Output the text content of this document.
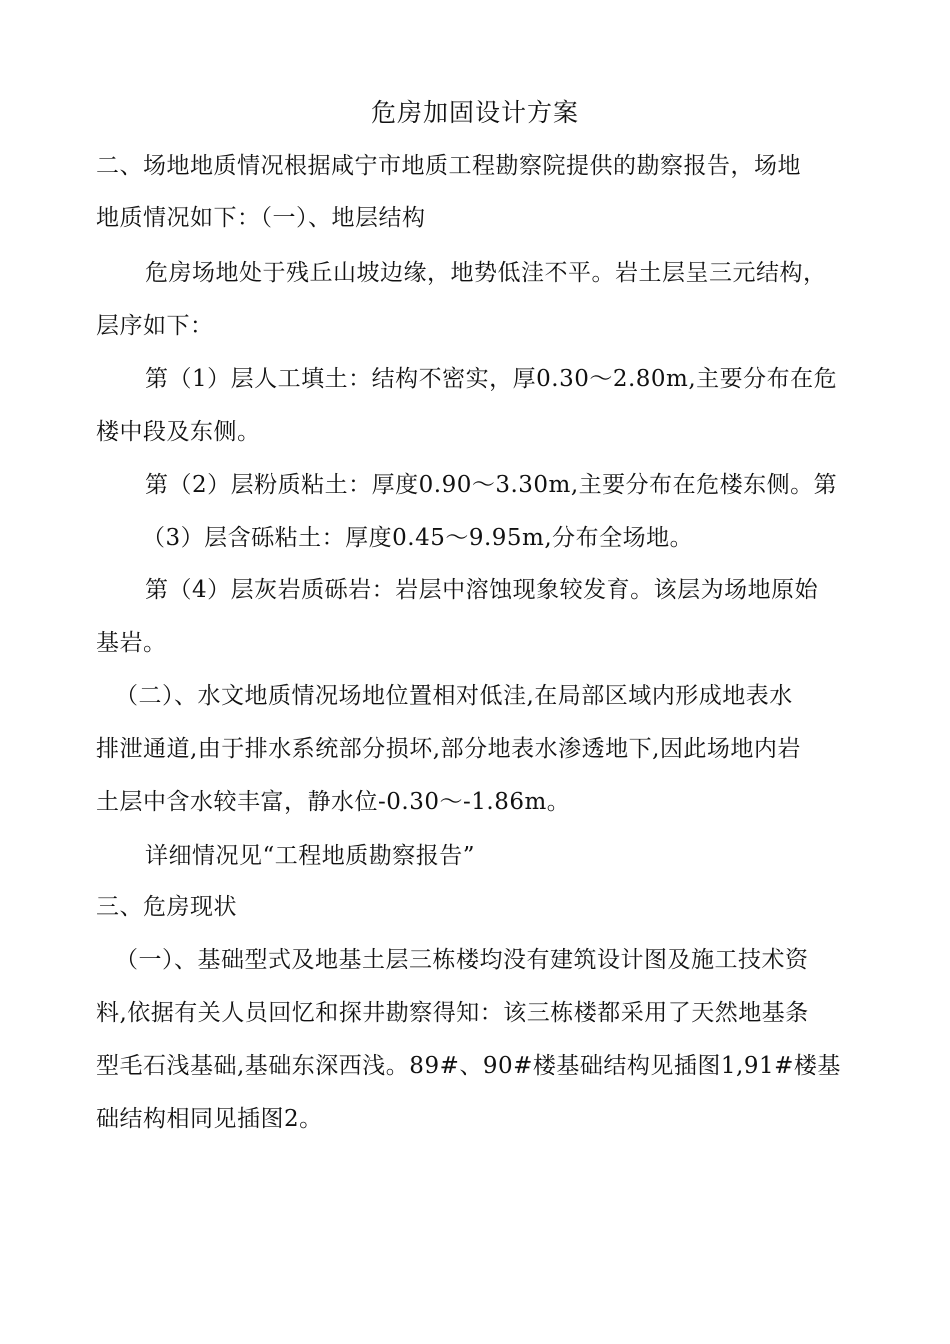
危房加固设计方案
二、场地地质情况根据咸宁市地质工程勘察院提供的勘察报告，场地
地质情况如下：（一）、地层结构
危房场地处于残丘山坡边缘，地势低洼不平。岩土层呈三元结构，
层序如下：
第（1）层人工填土：结构不密实，厚0.30〜2.80m,主要分布在危
楼中段及东侧。
第（2）层粉质粘土：厚度0.90〜3.30m,主要分布在危楼东侧。第
（3）层含砾粘土：厚度0.45〜9.95m,分布全场地。
第（4）层灰岩质砾岩：岩层中溶蚀现象较发育。该层为场地原始
基岩。
（二）、水文地质情况场地位置相对低洼,在局部区域内形成地表水
排泄通道,由于排水系统部分损坏,部分地表水渗透地下,因此场地内岩
土层中含水较丰富，静水位-0.30〜-1.86m。
详细情况见“工程地质勘察报告”
三、危房现状
（一）、基础型式及地基土层三栋楼均没有建筑设计图及施工技术资
料,依据有关人员回忆和探井勘察得知：该三栋楼都采用了天然地基条
型毛石浅基础,基础东深西浅。89#、90#楼基础结构见插图1,91#楼基
础结构相同见插图2。
